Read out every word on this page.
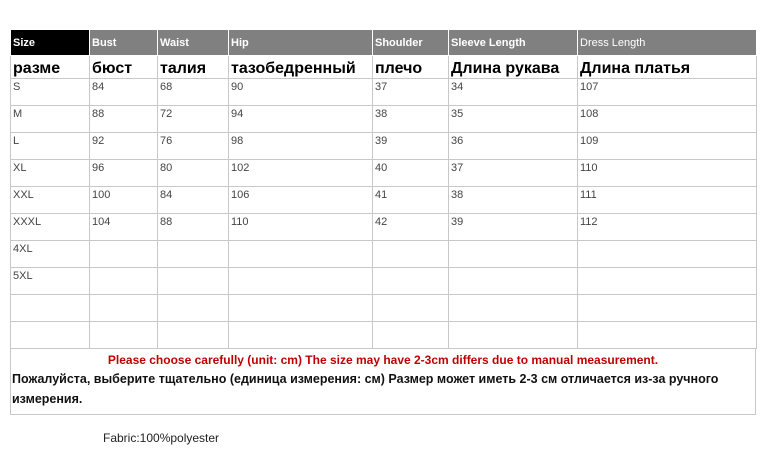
Size	Bust	Waist	Hip	Shoulder	Sleeve Length	Dress Length
разме	бюст	талия	тазобедренный	плечо	Длина рукава	Длина платья
S	84	68	90	37	34	107
M	88	72	94	38	35	108
L	92	76	98	39	36	109
XL	96	80	102	40	37	110
XXL	100	84	106	41	38	111
XXXL	104	88	110	42	39	112
4XL						
5XL						

Please choose carefully (unit: cm) The size may have 2-3cm differs due to manual measurement.
Пожалуйста, выберите тщательно (единица измерения: см) Размер может иметь 2-3 см отличается из-за ручного измерения.
Fabric:100%polyester
